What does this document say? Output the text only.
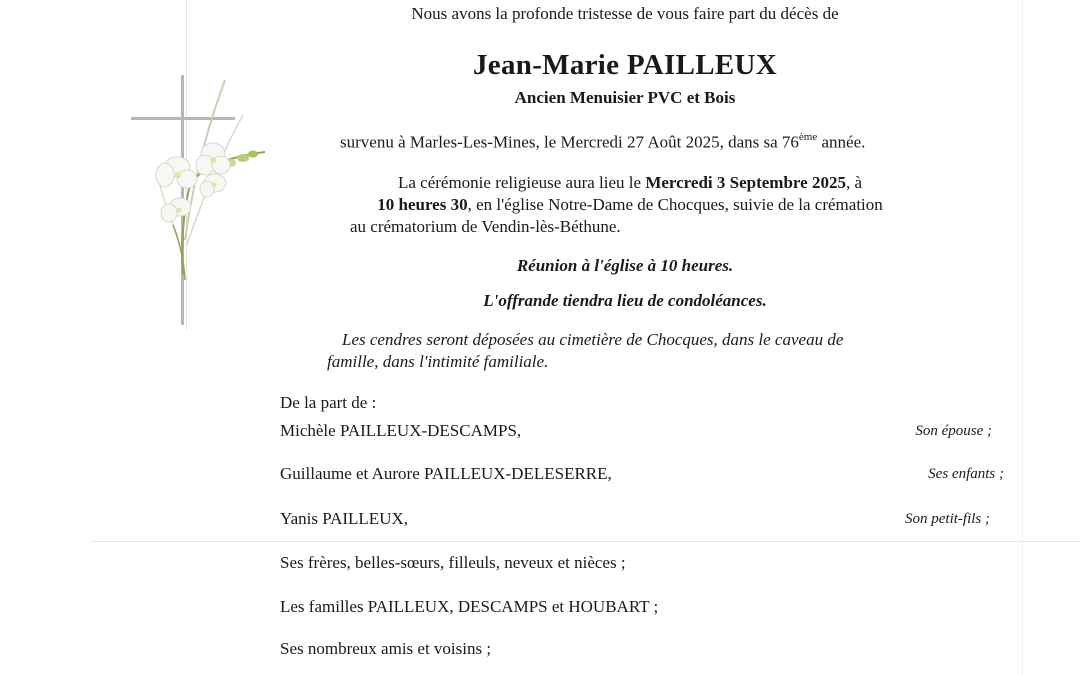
Nous avons la profonde tristesse de vous faire part du décès de
Jean-Marie PAILLEUX
Ancien Menuisier PVC et Bois
survenu à Marles-Les-Mines, le Mercredi 27 Août 2025, dans sa 76ème année.

La cérémonie religieuse aura lieu le Mercredi 3 Septembre 2025, à

10 heures 30, en l'église Notre-Dame de Chocques, suivie de la crémation

au crématorium de Vendin-lès-Béthune.

Réunion à l'église à 10 heures.
L'offrande tiendra lieu de condoléances.
Les cendres seront déposées au cimetière de Chocques, dans le caveau de
famille, dans l'intimité familiale.
De la part de :
Michèle PAILLEUX-DESCAMPS,	Son épouse ;
Guillaume et Aurore PAILLEUX-DELESERRE,	Ses enfants ;
Yanis PAILLEUX,	Son petit-fils ;
Ses frères, belles-sœurs, filleuls, neveux et nièces ;
Les familles PAILLEUX, DESCAMPS et HOUBART ;
Ses nombreux amis et voisins ;
